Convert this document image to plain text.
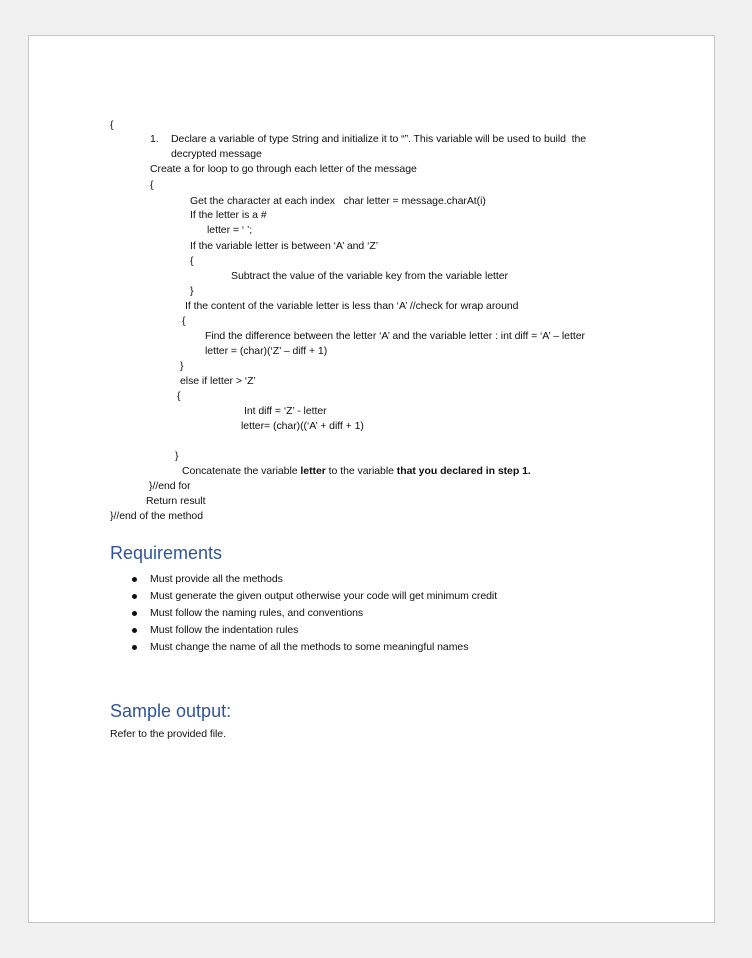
{
1. Declare a variable of type String and initialize it to “”. This variable will be used to build  the
decrypted message
Create a for loop to go through each letter of the message
{
Get the character at each index   char letter = message.charAt(i)
If the letter is a #
letter = ‘ ’;
If the variable letter is between ‘A’ and ‘Z’
{
Subtract the value of the variable key from the variable letter
}
If the content of the variable letter is less than ‘A’ //check for wrap around
{
Find the difference between the letter ‘A’ and the variable letter : int diff = ‘A’ – letter
letter = (char)(‘Z’ – diff + 1)
}
else if letter > ‘Z’
{
Int diff = ‘Z’ - letter
letter= (char)((‘A’ + diff + 1)
}
Concatenate the variable letter to the variable that you declared in step 1.
}//end for
Return result
}//end of the method
Requirements
Must provide all the methods
Must generate the given output otherwise your code will get minimum credit
Must follow the naming rules, and conventions
Must follow the indentation rules
Must change the name of all the methods to some meaningful names
Sample output:
Refer to the provided file.
